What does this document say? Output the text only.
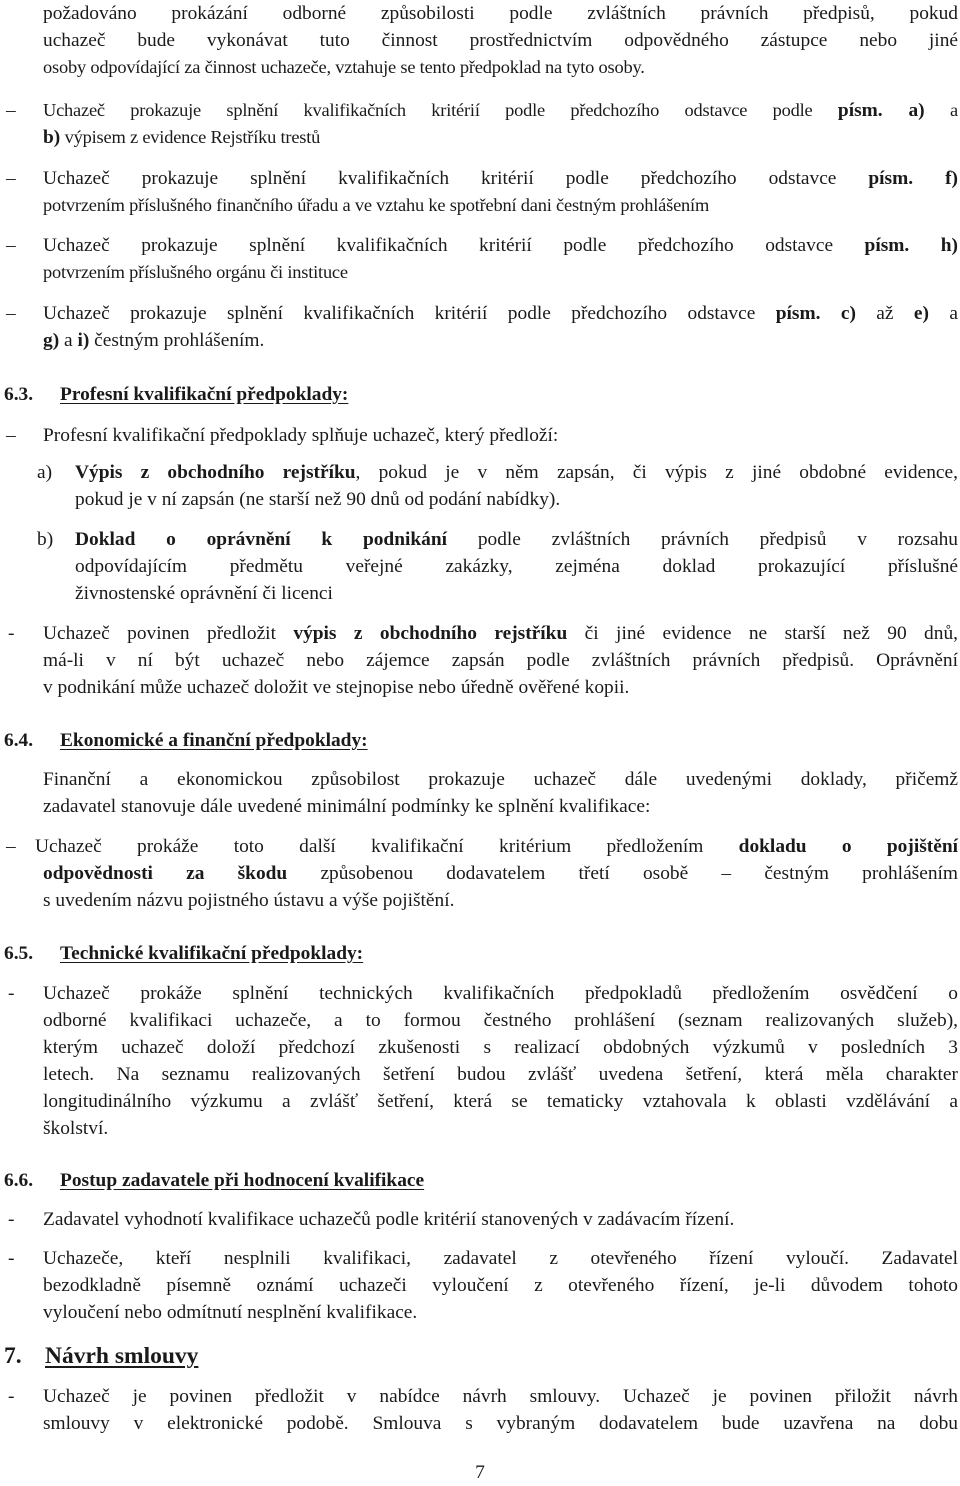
požadováno prokázání odborné způsobilosti podle zvláštních právních předpisů, pokud
uchazeč bude vykonávat tuto činnost prostřednictvím odpovědného zástupce nebo jiné
osoby odpovídající za činnost uchazeče, vztahuje se tento předpoklad na tyto osoby.
– Uchazeč prokazuje splnění kvalifikačních kritérií podle předchozího odstavce podle písm. a) a
b) výpisem z evidence Rejstříku trestů
– Uchazeč prokazuje splnění kvalifikačních kritérií podle předchozího odstavce písm. f)
potvrzením příslušného finančního úřadu a ve vztahu ke spotřební dani čestným prohlášením
– Uchazeč prokazuje splnění kvalifikačních kritérií podle předchozího odstavce písm. h)
potvrzením příslušného orgánu či instituce
– Uchazeč prokazuje splnění kvalifikačních kritérií podle předchozího odstavce písm. c) až e) a
g) a i) čestným prohlášením.
– Profesní kvalifikační předpoklady splňuje uchazeč, který předloží:
a) Výpis z obchodního rejstříku, pokud je v něm zapsán, či výpis z jiné obdobné evidence,
pokud je v ní zapsán (ne starší než 90 dnů od podání nabídky).
b) Doklad o oprávnění k podnikání podle zvláštních právních předpisů v rozsahu
odpovídajícím předmětu veřejné zakázky, zejména doklad prokazující příslušné
živnostenské oprávnění či licenci
- Uchazeč povinen předložit výpis z obchodního rejstříku či jiné evidence ne starší než 90 dnů,
má-li v ní být uchazeč nebo zájemce zapsán podle zvláštních právních předpisů. Oprávnění
v podnikání může uchazeč doložit ve stejnopise nebo úředně ověřené kopii.
Finanční a ekonomickou způsobilost prokazuje uchazeč dále uvedenými doklady, přičemž
zadavatel stanovuje dále uvedené minimální podmínky ke splnění kvalifikace:
– Uchazeč prokáže toto další kvalifikační kritérium předložením dokladu o pojištění
odpovědnosti za škodu způsobenou dodavatelem třetí osobě – čestným prohlášením
s uvedením názvu pojistného ústavu a výše pojištění.
- Uchazeč prokáže splnění technických kvalifikačních předpokladů předložením osvědčení o
odborné kvalifikaci uchazeče, a to formou čestného prohlášení (seznam realizovaných služeb),
kterým uchazeč doloží předchozí zkušenosti s realizací obdobných výzkumů v posledních 3
letech. Na seznamu realizovaných šetření budou zvlášť uvedena šetření, která měla charakter
longitudinálního výzkumu a zvlášť šetření, která se tematicky vztahovala k oblasti vzdělávání a
školství.
- Zadavatel vyhodnotí kvalifikace uchazečů podle kritérií stanovených v zadávacím řízení.
- Uchazeče, kteří nesplnili kvalifikaci, zadavatel z otevřeného řízení vyloučí. Zadavatel
bezodkladně písemně oznámí uchazeči vyloučení z otevřeného řízení, je-li důvodem tohoto
vyloučení nebo odmítnutí nesplnění kvalifikace.
- Uchazeč je povinen předložit v nabídce návrh smlouvy. Uchazeč je povinen přiložit návrh
smlouvy v elektronické podobě. Smlouva s vybraným dodavatelem bude uzavřena na dobu
6.3. Profesní kvalifikační předpoklady:
6.4. Ekonomické a finanční předpoklady:
6.5. Technické kvalifikační předpoklady:
6.6. Postup zadavatele při hodnocení kvalifikace
7. Návrh smlouvy
7
